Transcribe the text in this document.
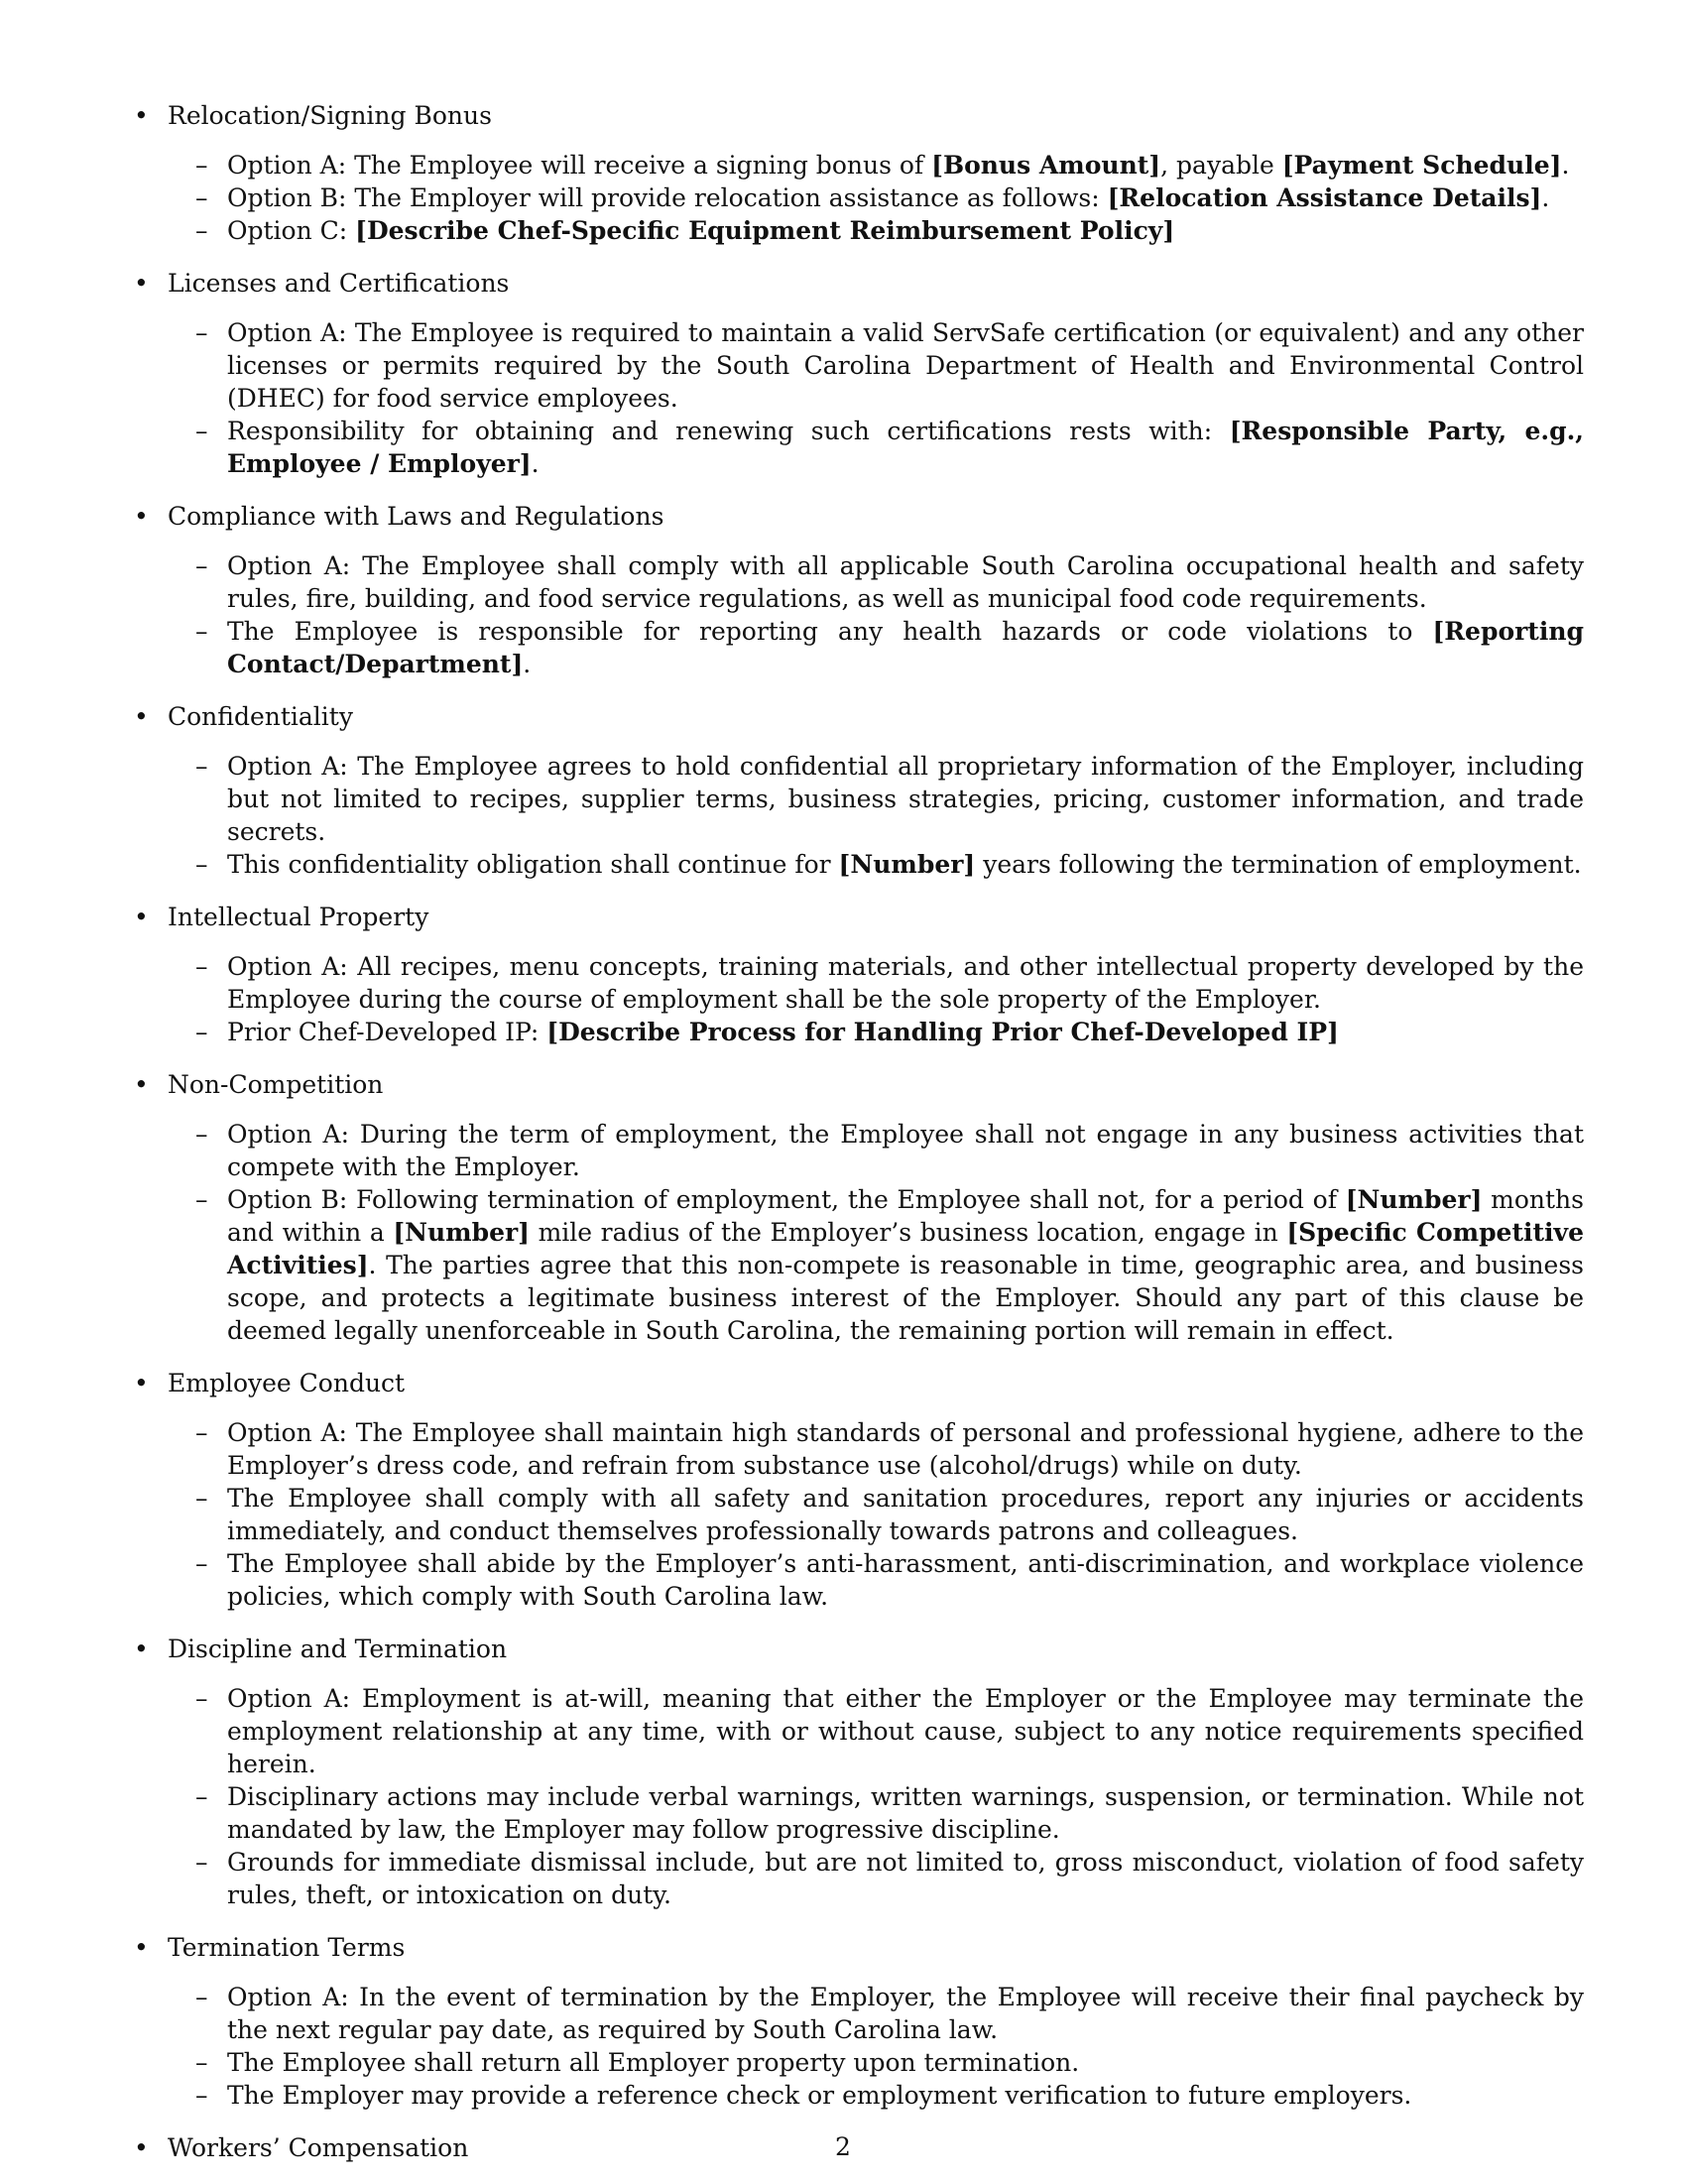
• Relocation/Signing Bonus
– Option A: The Employee will receive a signing bonus of [Bonus Amount], payable [Payment Schedule].
– Option B: The Employer will provide relocation assistance as follows: [Relocation Assistance Details].
– Option C: [Describe Chef-Specific Equipment Reimbursement Policy]
• Licenses and Certifications
– Option A: The Employee is required to maintain a valid ServSafe certification (or equivalent) and any other licenses or permits required by the South Carolina Department of Health and Environmental Control (DHEC) for food service employees.
– Responsibility for obtaining and renewing such certifications rests with: [Responsible Party, e.g., Employee / Employer].
• Compliance with Laws and Regulations
– Option A: The Employee shall comply with all applicable South Carolina occupational health and safety rules, fire, building, and food service regulations, as well as municipal food code requirements.
– The Employee is responsible for reporting any health hazards or code violations to [Reporting Contact/Department].
• Confidentiality
– Option A: The Employee agrees to hold confidential all proprietary information of the Employer, including but not limited to recipes, supplier terms, business strategies, pricing, customer information, and trade secrets.
– This confidentiality obligation shall continue for [Number] years following the termination of employment.
• Intellectual Property
– Option A: All recipes, menu concepts, training materials, and other intellectual property developed by the Employee during the course of employment shall be the sole property of the Employer.
– Prior Chef-Developed IP: [Describe Process for Handling Prior Chef-Developed IP]
• Non-Competition
– Option A: During the term of employment, the Employee shall not engage in any business activities that compete with the Employer.
– Option B: Following termination of employment, the Employee shall not, for a period of [Number] months and within a [Number] mile radius of the Employer’s business location, engage in [Specific Competitive Activities]. The parties agree that this non-compete is reasonable in time, geographic area, and business scope, and protects a legitimate business interest of the Employer. Should any part of this clause be deemed legally unenforceable in South Carolina, the remaining portion will remain in effect.
• Employee Conduct
– Option A: The Employee shall maintain high standards of personal and professional hygiene, adhere to the Employer’s dress code, and refrain from substance use (alcohol/drugs) while on duty.
– The Employee shall comply with all safety and sanitation procedures, report any injuries or accidents immediately, and conduct themselves professionally towards patrons and colleagues.
– The Employee shall abide by the Employer’s anti-harassment, anti-discrimination, and workplace violence policies, which comply with South Carolina law.
• Discipline and Termination
– Option A: Employment is at-will, meaning that either the Employer or the Employee may terminate the employment relationship at any time, with or without cause, subject to any notice requirements specified herein.
– Disciplinary actions may include verbal warnings, written warnings, suspension, or termination. While not mandated by law, the Employer may follow progressive discipline.
– Grounds for immediate dismissal include, but are not limited to, gross misconduct, violation of food safety rules, theft, or intoxication on duty.
• Termination Terms
– Option A: In the event of termination by the Employer, the Employee will receive their final paycheck by the next regular pay date, as required by South Carolina law.
– The Employee shall return all Employer property upon termination.
– The Employer may provide a reference check or employment verification to future employers.
• Workers’ Compensation	2
